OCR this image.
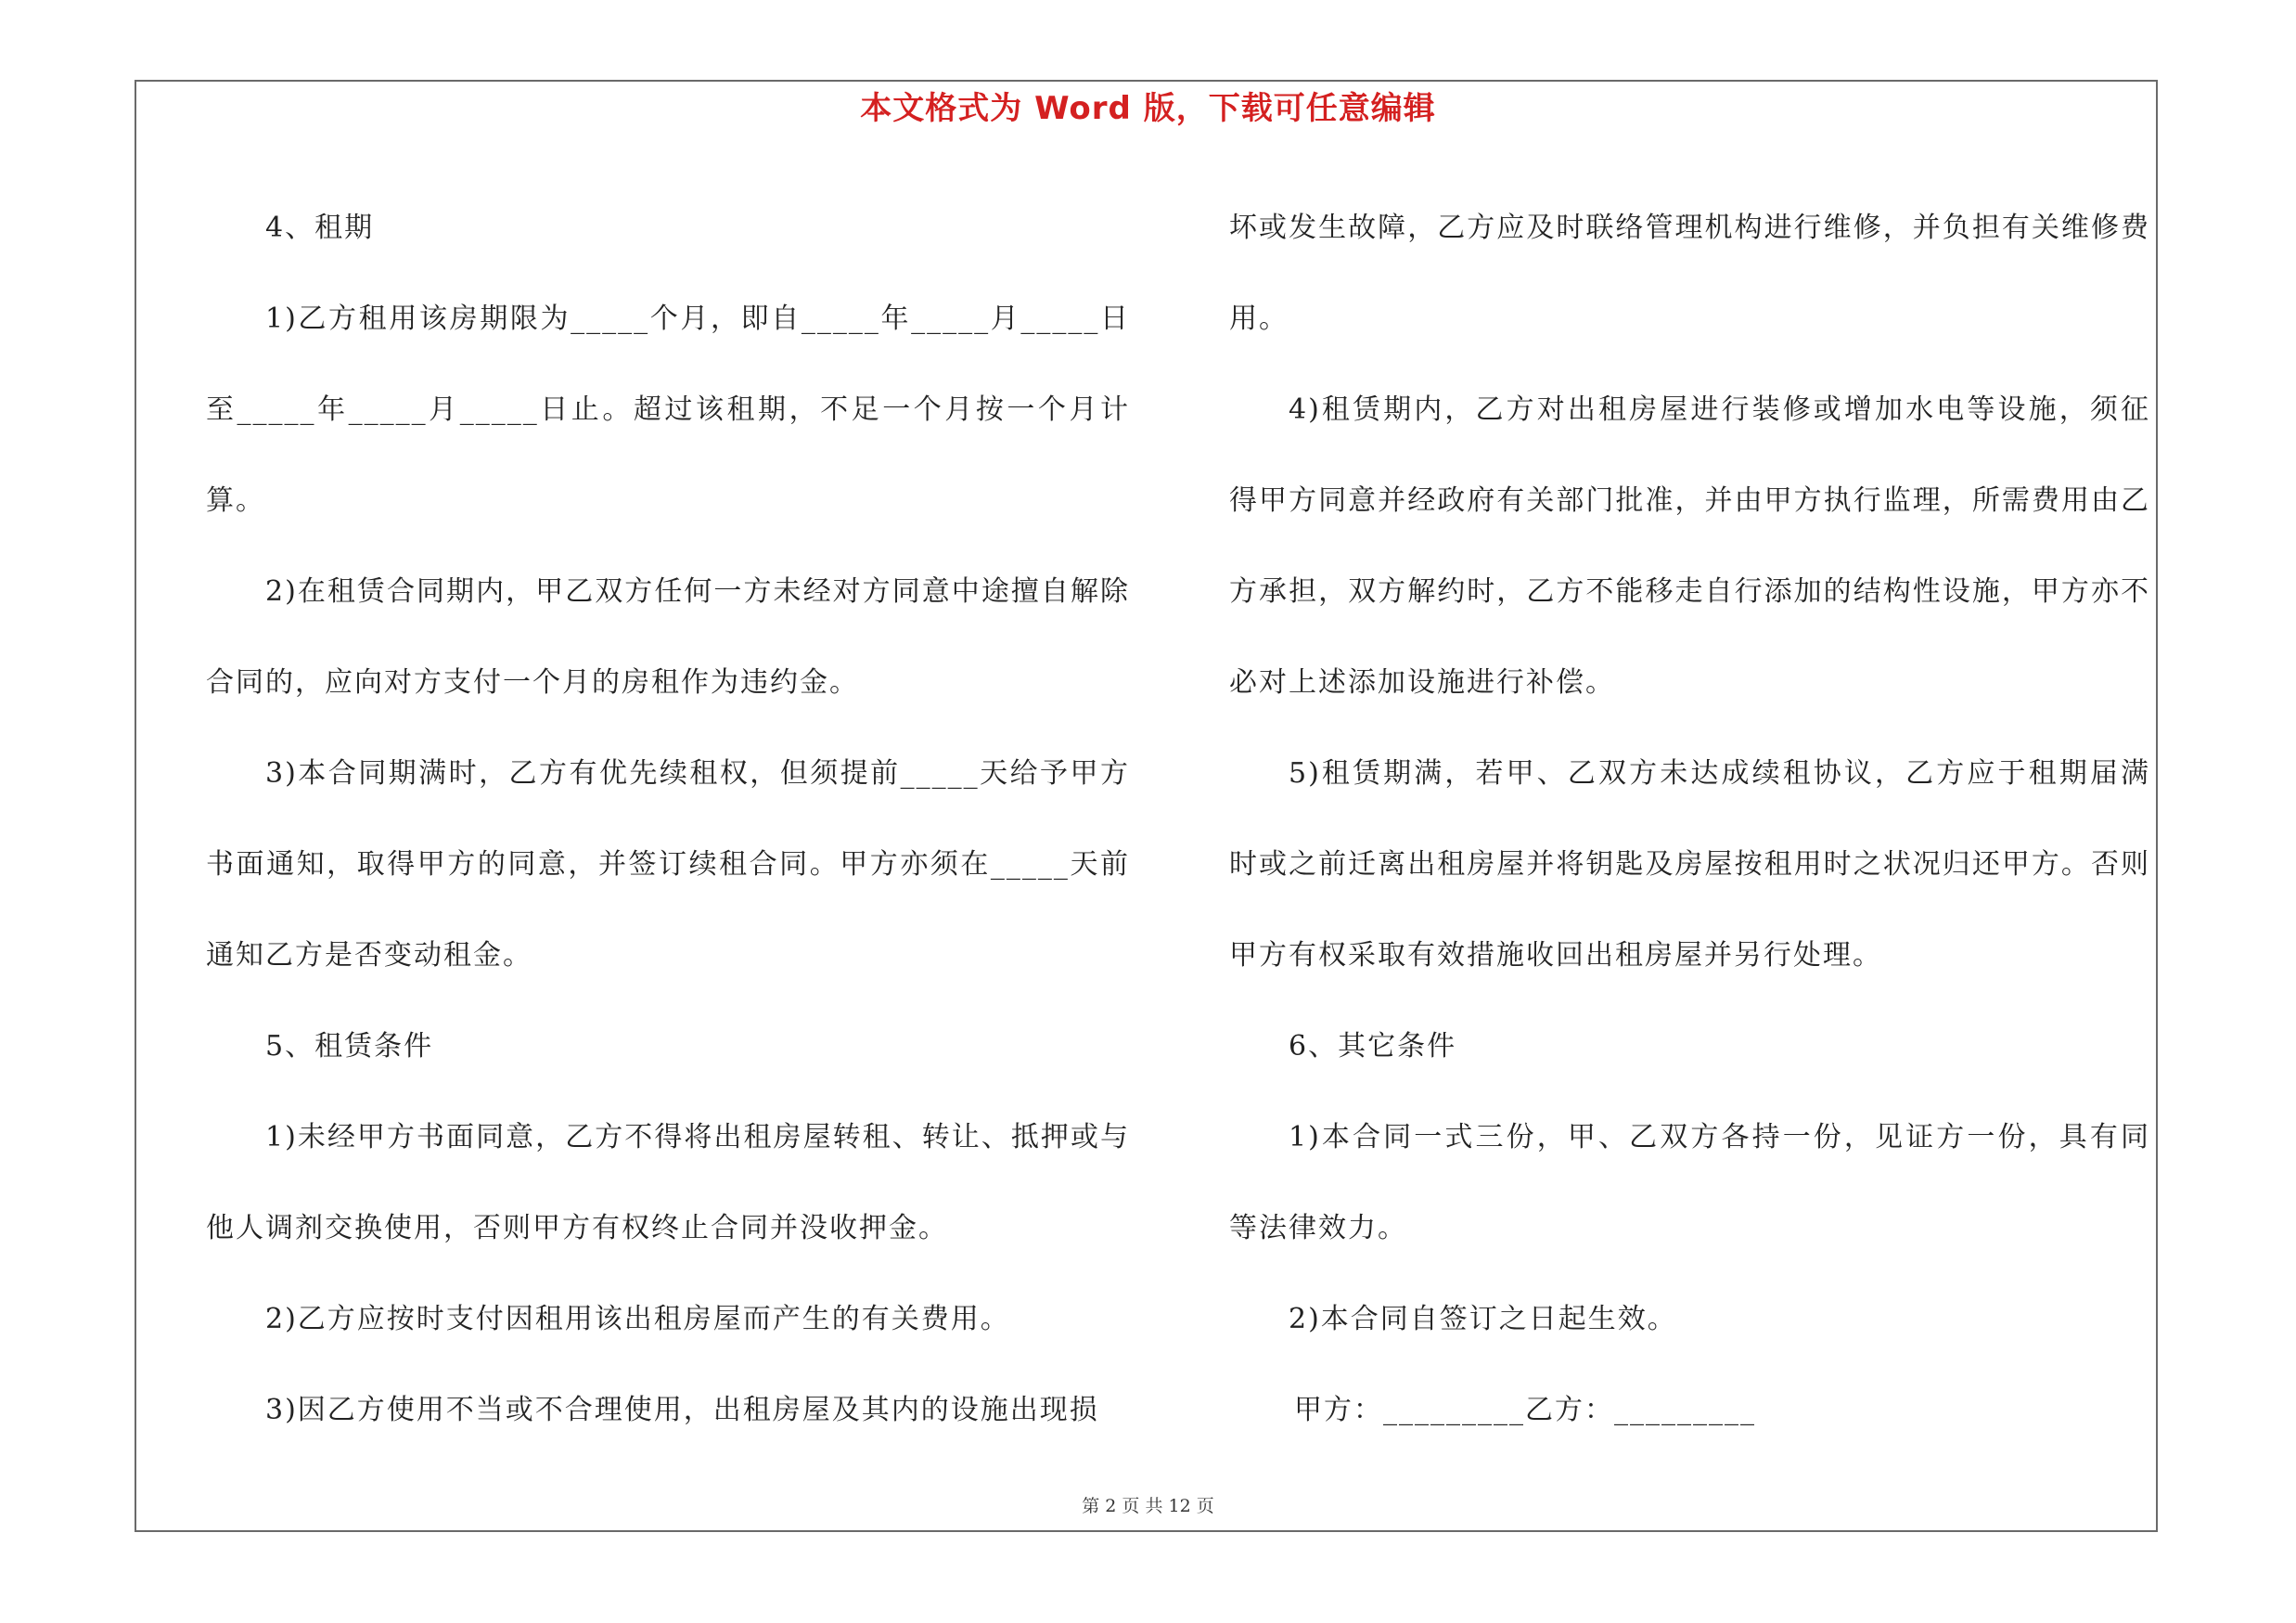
本文格式为 Word 版，下载可任意编辑

4、租期

1)乙方租用该房期限为_____个月，即自_____年_____月_____日至_____年_____月_____日止。超过该租期，不足一个月按一个月计算。

2)在租赁合同期内，甲乙双方任何一方未经对方同意中途擅自解除合同的，应向对方支付一个月的房租作为违约金。

3)本合同期满时，乙方有优先续租权，但须提前_____天给予甲方书面通知，取得甲方的同意，并签订续租合同。甲方亦须在_____天前通知乙方是否变动租金。

5、租赁条件

1)未经甲方书面同意，乙方不得将出租房屋转租、转让、抵押或与他人调剂交换使用，否则甲方有权终止合同并没收押金。

2)乙方应按时支付因租用该出租房屋而产生的有关费用。

3)因乙方使用不当或不合理使用，出租房屋及其内的设施出现损

坏或发生故障，乙方应及时联络管理机构进行维修，并负担有关维修费用。

4)租赁期内，乙方对出租房屋进行装修或增加水电等设施，须征得甲方同意并经政府有关部门批准，并由甲方执行监理，所需费用由乙方承担，双方解约时，乙方不能移走自行添加的结构性设施，甲方亦不必对上述添加设施进行补偿。

5)租赁期满，若甲、乙双方未达成续租协议，乙方应于租期届满时或之前迁离出租房屋并将钥匙及房屋按租用时之状况归还甲方。否则甲方有权采取有效措施收回出租房屋并另行处理。

6、其它条件

1)本合同一式三份，甲、乙双方各持一份，见证方一份，具有同等法律效力。

2)本合同自签订之日起生效。

甲方：_________乙方：_________

第 2 页 共 12 页
